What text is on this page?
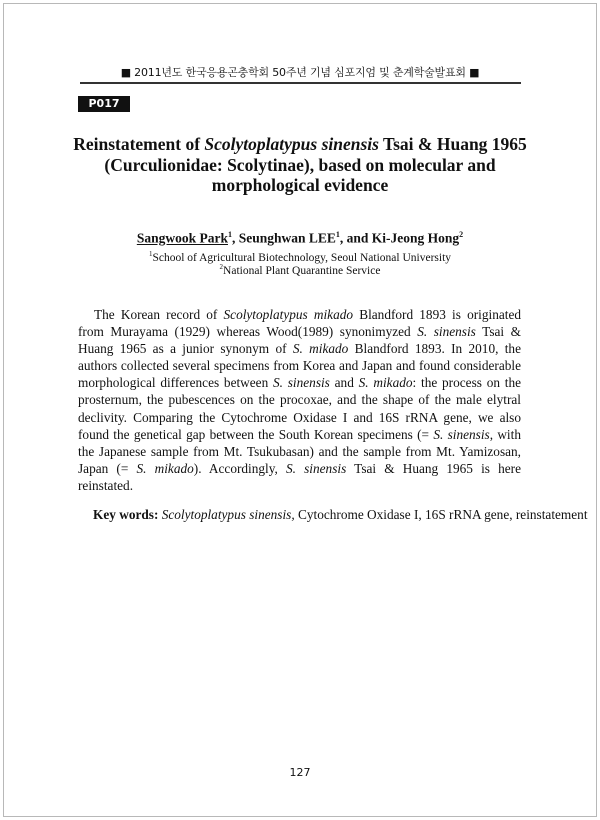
■ 2011년도 한국응용곤충학회 50주년 기념 심포지엄 및 춘계학술발표회 ■
P017
Reinstatement of Scolytoplatypus sinensis Tsai & Huang 1965
(Curculionidae: Scolytinae), based on molecular and
morphological evidence
Sangwook Park$^1$, Seunghwan LEE$^1$, and Ki-Jeong Hong$^2$
$^1$School of Agricultural Biotechnology, Seoul National University
$^2$National Plant Quarantine Service

The Korean record of Scolytoplatypus mikado Blandford 1893 is originated from Murayama (1929) whereas Wood(1989) synonimyzed S. sinensis Tsai & Huang 1965 as a junior synonym of S. mikado Blandford 1893. In 2010, the authors collected several specimens from Korea and Japan and found considerable morphological differences between S. sinensis and S. mikado: the process on the prosternum, the pubescences on the procoxae, and the shape of the male elytral declivity. Comparing the Cytochrome Oxidase I and 16S rRNA gene, we also found the genetical gap between the South Korean specimens (= S. sinensis, with the Japanese sample from Mt. Tsukubasan) and the sample from Mt. Yamizosan, Japan (= S. mikado). Accordingly, S. sinensis Tsai & Huang 1965 is here reinstated.

Key words: Scolytoplatypus sinensis, Cytochrome Oxidase I, 16S rRNA gene, reinstatement
127
